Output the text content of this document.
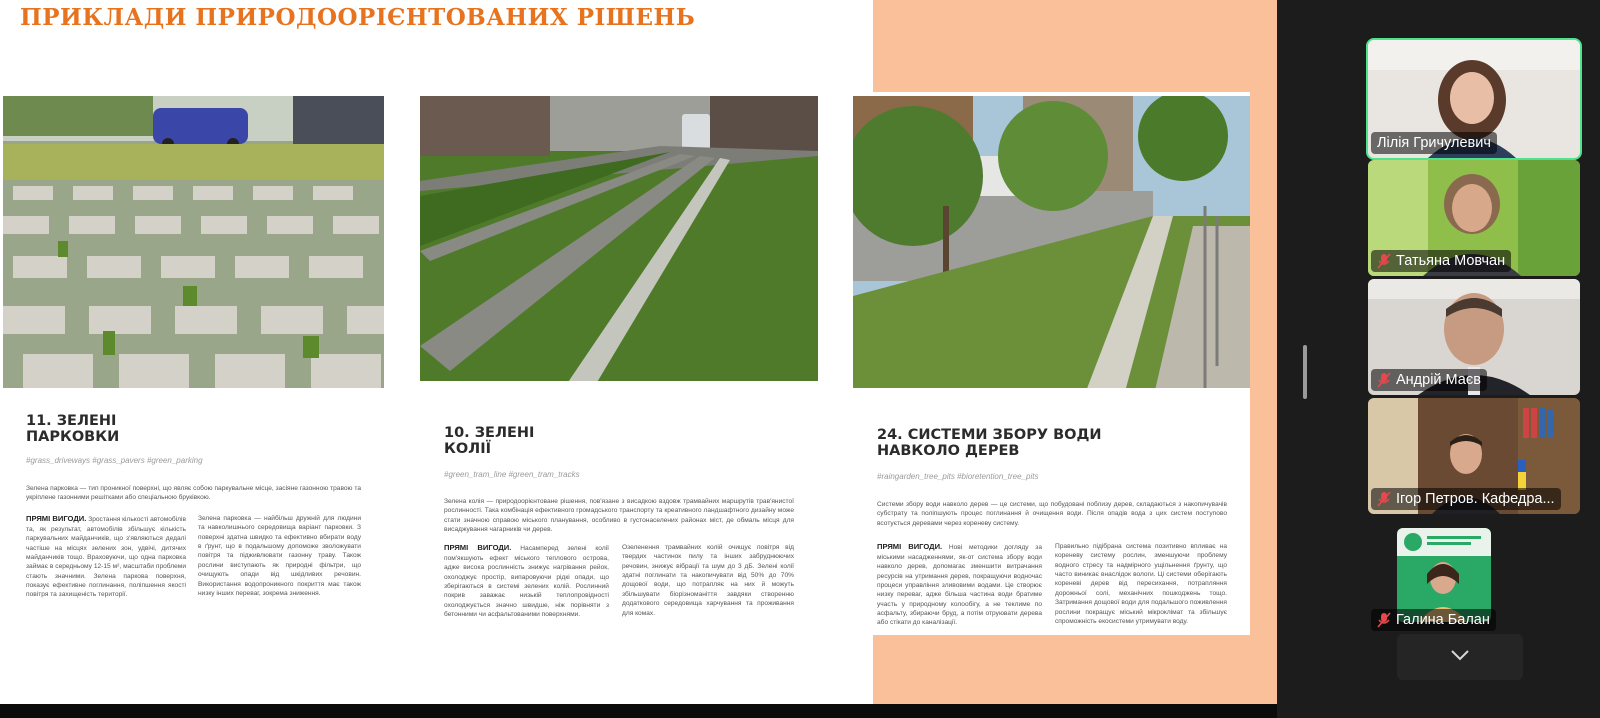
ПРИКЛАДИ ПРИРОДООРІЄНТОВАНИХ РІШЕНЬ
11. ЗЕЛЕНІ
ПАРКОВКИ
#grass_driveways #grass_pavers #green_parking
Зелена парковка — тип проникної поверхні, що являє собою паркувальне місце, засіяне газонною травою та укріплене газонними решітками або спеціальною бруківкою.
ПРЯМІ ВИГОДИ. Зростання кількості автомобілів та, як результат, автомобілів збільшує кількість паркувальних майданчиків, що з'являються дедалі частіше на місцях зелених зон, удвічі, дитячих майданчиків тощо. Враховуючи, що одна парковка займає в середньому 12-15 м², масштаби проблеми стають значними. Зелена паркова поверхня, показує ефективне поглинання, поліпшення якості повітря та захищеність території.
Зелена парковка — найбільш дружній для людини та навколишнього середовища варіант парковки. З поверхні здатна швидко та ефективно вбирати воду в ґрунт, що в подальшому допоможе зволожувати повітря та підживлювати газонну траву. Також рослини виступають як природні фільтри, що очищують опади від шкідливих речовин. Використання водопроникного покриття має також низку інших переваг, зокрема зниження.
10. ЗЕЛЕНІ
КОЛІЇ
#green_tram_line #green_tram_tracks
Зелена колія — природоорієнтоване рішення, пов'язане з висадкою вздовж трамвайних маршрутів трав'янистої рослинності. Така комбінація ефективного громадського транспорту та креативного ландшафтного дизайну може стати значною справою міського планування, особливо в густонаселених районах міст, де обмаль місця для висаджування чагарників чи дерев.
ПРЯМІ ВИГОДИ. Насамперед зелені колії пом'якшують ефект міського теплового острова, адже висока рослинність знижує нагрівання рейок, охолоджує простір, випаровуючи рідкі опади, що зберігаються в системі зелених колій. Рослинний покрив заважає низькій теплопровідності охолоджується значно швидше, ніж порівняти з бетонними чи асфальтованими поверхнями.
Озеленення трамвайних колій очищує повітря від твердих частинок пилу та інших забруднюючих речовин, знижує вібрації та шум до 3 дБ. Зелені колії здатні поглинати та накопичувати від 50% до 70% дощової води, що потрапляє на них й можуть збільшувати біорізноманіття завдяки створенню додаткового середовища харчування та проживання для комах.
24. СИСТЕМИ ЗБОРУ ВОДИ
НАВКОЛО ДЕРЕВ
#raingarden_tree_pits #bioretention_tree_pits
Системи збору води навколо дерев — це системи, що побудовані поблизу дерев, складаються з накопичувачів субстрату та поліпшують процес поглинання й очищення води. Після опадів вода з цих систем поступово всотується деревами через кореневу систему.
ПРЯМІ ВИГОДИ. Нові методики догляду за міськими насадженнями, як-от система збору води навколо дерев, допомагає зменшити витрачання ресурсів на утримання дерев, покращуючи водночас процеси управління зливовими водами. Це створює низку переваг, адже більша частина води братиме участь у природному колообігу, а не теклиме по асфальту, збираючи бруд, а потім отруювати дерева або стікати до каналізації.
Правильно підібрана система позитивно впливає на кореневу систему рослин, зменшуючи проблему водного стресу та надмірного ущільнення ґрунту, що часто виникає внаслідок вологи. Ці системи оберігають кореневі дерев від пересихання, потрапляння дорожньої солі, механічних пошкоджень тощо. Затримання дощової води для подальшого поживлення рослини покращує міський мікроклімат та збільшує спроможність екосистеми утримувати воду.
Лілія Гричулевич
Татьяна Мовчан
Андрій Маєв
Ігор Петров. Кафедра...
Галина Балан
